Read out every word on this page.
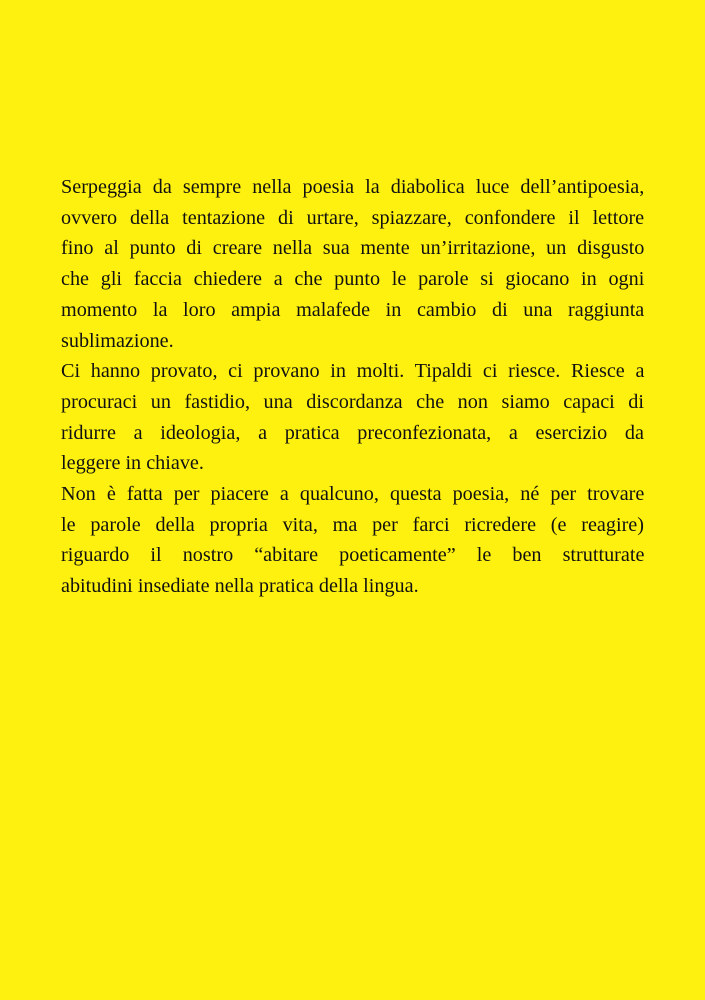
Serpeggia da sempre nella poesia la diabolica luce dell’antipoesia,
ovvero della tentazione di urtare, spiazzare, confondere il lettore
fino al punto di creare nella sua mente un’irritazione, un disgusto
che gli faccia chiedere a che punto le parole si giocano in ogni
momento la loro ampia malafede in cambio di una raggiunta
sublimazione.

Ci hanno provato, ci provano in molti. Tipaldi ci riesce. Riesce a
procuraci un fastidio, una discordanza che non siamo capaci di
ridurre a ideologia, a pratica preconfezionata, a esercizio da
leggere in chiave.

Non è fatta per piacere a qualcuno, questa poesia, né per trovare
le parole della propria vita, ma per farci ricredere (e reagire)
riguardo il nostro “abitare poeticamente” le ben strutturate
abitudini insediate nella pratica della lingua.
